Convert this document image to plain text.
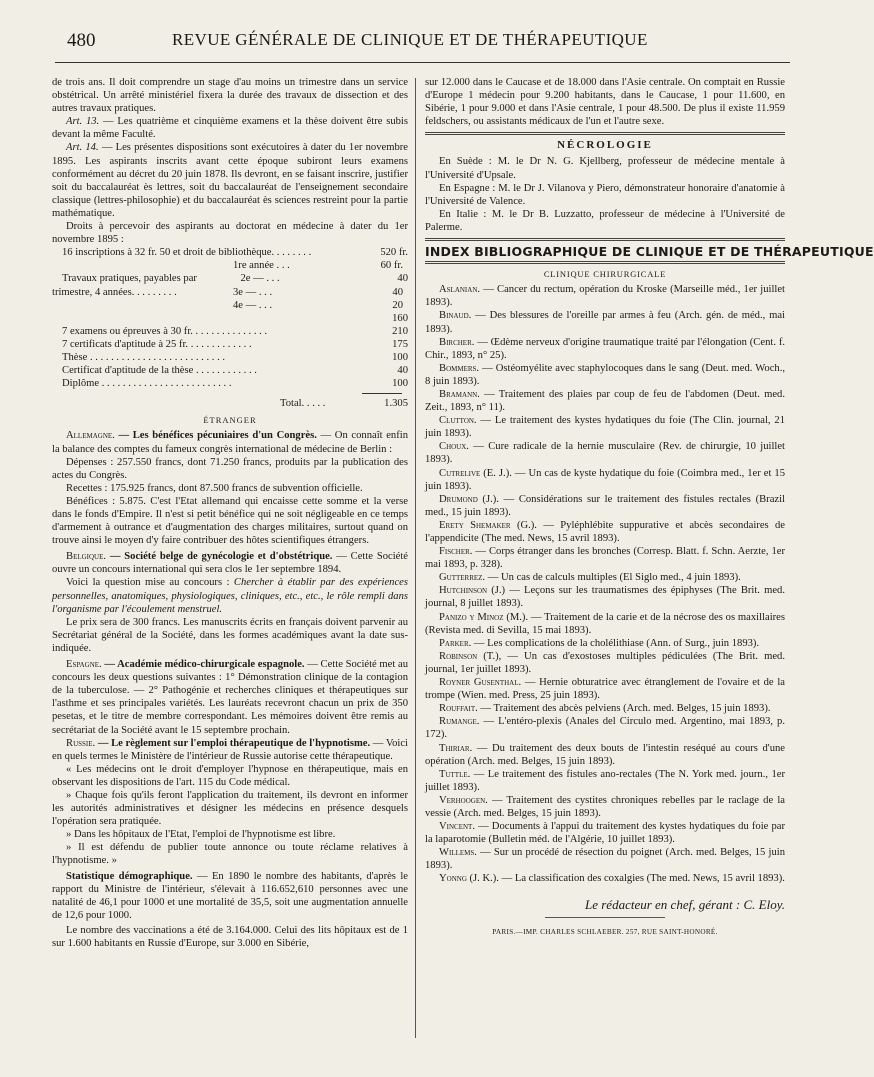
480	REVUE GÉNÉRALE DE CLINIQUE ET DE THÉRAPEUTIQUE

de trois ans. Il doit comprendre un stage d'au moins un trimestre dans un service obstétrical. Un arrêté ministériel fixera la durée des travaux de dissection et des autres travaux pratiques.

Art. 13. — Les quatrième et cinquième examens et la thèse doivent être subis devant la même Faculté.

Art. 14. — Les présentes dispositions sont exécutoires à dater du 1er novembre 1895. Les aspirants inscrits avant cette époque subiront leurs examens conformément au décret du 20 juin 1878. Ils devront, en se faisant inscrire, justifier soit du baccalauréat ès lettres, soit du baccalauréat de l'enseignement secondaire classique (lettres-philosophie) et du baccalauréat ès sciences restreint pour la partie mathématique.

Droits à percevoir des aspirants au doctorat en médecine à dater du 1er novembre 1895 :

16 inscriptions à 32 fr. 50 et droit de bibliothèque. . . . . . . .	520 fr.
1re année . . .	60 fr.
Travaux pratiques, payables par	2e — . . .	40
trimestre, 4 années. . . . . . . . .	3e — . . .	40
4e — . . .	20
160
7 examens ou épreuves à 30 fr. . . . . . . . . . . . . . .	210
7 certificats d'aptitude à 25 fr. . . . . . . . . . . . .	175
Thèse . . . . . . . . . . . . . . . . . . . . . . . . . .	100
Certificat d'aptitude de la thèse . . . . . . . . . . . .	40
Diplôme . . . . . . . . . . . . . . . . . . . . . . . . .	100
Total. . . . .	1.305

ÉTRANGER

Allemagne. — Les bénéfices pécuniaires d'un Congrès. — On connaît enfin la balance des comptes du fameux congrès international de médecine de Berlin :

Dépenses : 257.550 francs, dont 71.250 francs, produits par la publication des actes du Congrès.

Recettes : 175.925 francs, dont 87.500 francs de subvention officielle.

Bénéfices : 5.875. C'est l'Etat allemand qui encaisse cette somme et la verse dans le fonds d'Empire. Il n'est si petit bénéfice qui ne soit négligeable en ce temps d'armement à outrance et d'augmentation des charges militaires, surtout quand on trouve ainsi le moyen d'y faire contribuer des hôtes scientifiques étrangers.

Belgique. — Société belge de gynécologie et d'obstétrique. — Cette Société ouvre un concours international qui sera clos le 1er septembre 1894.

Voici la question mise au concours : Chercher à établir par des expériences personnelles, anatomiques, physiologiques, cliniques, etc., etc., le rôle rempli dans l'organisme par l'écoulement menstruel.

Le prix sera de 300 francs. Les manuscrits écrits en français doivent parvenir au Secrétariat général de la Société, dans les formes académiques avant la date sus-indiquée.

Espagne. — Académie médico-chirurgicale espagnole. — Cette Société met au concours les deux questions suivantes : 1° Démonstration clinique de la contagion de la tuberculose. — 2° Pathogénie et recherches cliniques et thérapeutiques sur l'asthme et ses principales variétés. Les lauréats recevront chacun un prix de 350 pesetas, et le titre de membre correspondant. Les mémoires doivent être remis au secrétariat de la Société avant le 15 septembre prochain.

Russie. — Le règlement sur l'emploi thérapeutique de l'hypnotisme. — Voici en quels termes le Ministère de l'intérieur de Russie autorise cette thérapeutique.

« Les médecins ont le droit d'employer l'hypnose en thérapeutique, mais en observant les dispositions de l'art. 115 du Code médical.

» Chaque fois qu'ils feront l'application du traitement, ils devront en informer les autorités administratives et désigner les médecins en présence desquels l'opération sera pratiquée.

» Dans les hôpitaux de l'Etat, l'emploi de l'hypnotisme est libre.

» Il est défendu de publier toute annonce ou toute réclame relatives à l'hypnotisme. »

Statistique démographique. — En 1890 le nombre des habitants, d'après le rapport du Ministre de l'intérieur, s'élevait à 116.652,610 personnes avec une natalité de 46,1 pour 1000 et une mortalité de 35,5, soit une augmentation annuelle de 12,6 pour 1000.

Le nombre des vaccinations a été de 3.164.000. Celui des lits hôpitaux est de 1 sur 1.600 habitants en Russie d'Europe, sur 3.000 en Sibérie,

sur 12.000 dans le Caucase et de 18.000 dans l'Asie centrale. On comptait en Russie d'Europe 1 médecin pour 9.200 habitants, dans le Caucase, 1 pour 11.600, en Sibérie, 1 pour 9.000 et dans l'Asie centrale, 1 pour 48.500. De plus il existe 11.959 feldschers, ou assistants médicaux de l'un et l'autre sexe.

NÉCROLOGIE

En Suède : M. le Dr N. G. Kjellberg, professeur de médecine mentale à l'Université d'Upsale.

En Espagne : M. le Dr J. Vilanova y Piero, démonstrateur honoraire d'anatomie à l'Université de Valence.

En Italie : M. le Dr B. Luzzatto, professeur de médecine à l'Université de Palerme.

INDEX BIBLIOGRAPHIQUE DE CLINIQUE ET DE THÉRAPEUTIQUE

CLINIQUE CHIRURGICALE

Aslanian. — Cancer du rectum, opération du Kroske (Marseille méd., 1er juillet 1893).

Binaud. — Des blessures de l'oreille par armes à feu (Arch. gén. de méd., mai 1893).

Bircher. — Œdème nerveux d'origine traumatique traité par l'élongation (Cent. f. Chir., 1893, n° 25).

Bommers. — Ostéomyélite avec staphylocoques dans le sang (Deut. med. Woch., 8 juin 1893).

Bramann. — Traitement des plaies par coup de feu de l'abdomen (Deut. med. Zeit., 1893, n° 11).

Clutton. — Le traitement des kystes hydatiques du foie (The Clin. journal, 21 juin 1893).

Choux. — Cure radicale de la hernie musculaire (Rev. de chirurgie, 10 juillet 1893).

Cutrelive (E. J.). — Un cas de kyste hydatique du foie (Coimbra med., 1er et 15 juin 1893).

Drumond (J.). — Considérations sur le traitement des fistules rectales (Brazil med., 15 juin 1893).

Erety Shemaker (G.). — Pyléphlébite suppurative et abcès secondaires de l'appendicite (The med. News, 15 avril 1893).

Fischer. — Corps étranger dans les bronches (Corresp. Blatt. f. Schn. Aerzte, 1er mai 1893, p. 328).

Gutterrez. — Un cas de calculs multiples (El Siglo med., 4 juin 1893).

Hutchinson (J.) — Leçons sur les traumatismes des épiphyses (The Brit. med. journal, 8 juillet 1893).

Panizo y Minoz (M.). — Traitement de la carie et de la nécrose des os maxillaires (Revista med. di Sevilla, 15 mai 1893).

Parker. — Les complications de la cholélithiase (Ann. of Surg., juin 1893).

Robinson (T.), — Un cas d'exostoses multiples pédiculées (The Brit. med. journal, 1er juillet 1893).

Royner Gusenthal. — Hernie obturatrice avec étranglement de l'ovaire et de la trompe (Wien. med. Press, 25 juin 1893).

Rouffait. — Traitement des abcès pelviens (Arch. med. Belges, 15 juin 1893).

Rumange. — L'entéro-plexis (Anales del Circulo med. Argentino, mai 1893, p. 172).

Thiriar. — Du traitement des deux bouts de l'intestin reséqué au cours d'une opération (Arch. med. Belges, 15 juin 1893).

Tuttle. — Le traitement des fistules ano-rectales (The N. York med. journ., 1er juillet 1893).

Verhoogen. — Traitement des cystites chroniques rebelles par le raclage de la vessie (Arch. med. Belges, 15 juin 1893).

Vincent. — Documents à l'appui du traitement des kystes hydatiques du foie par la laparotomie (Bulletin méd. de l'Algérie, 10 juillet 1893).

Willems. — Sur un procédé de résection du poignet (Arch. med. Belges, 15 juin 1893).

Yonng (J. K.). — La classification des coxalgies (The med. News, 15 avril 1893).

Le rédacteur en chef, gérant : C. Eloy.

PARIS.—IMP. CHARLES SCHLAEBER. 257, RUE SAINT-HONORÉ.
